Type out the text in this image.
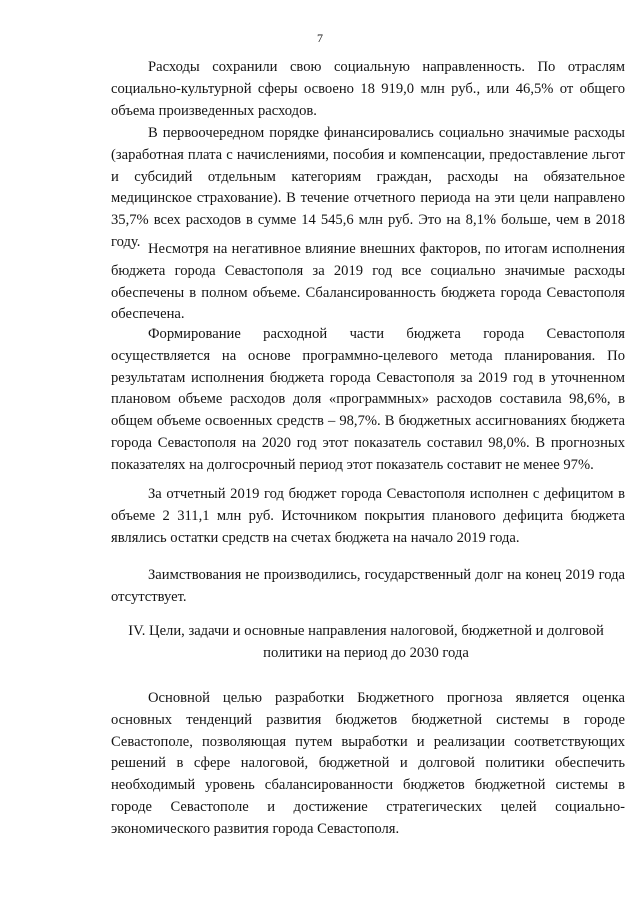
7

Расходы сохранили свою социальную направленность. По отраслям социально-культурной сферы освоено 18 919,0 млн руб., или 46,5% от общего объема произведенных расходов.

В первоочередном порядке финансировались социально значимые расходы (заработная плата с начислениями, пособия и компенсации, предоставление льгот и субсидий отдельным категориям граждан, расходы на обязательное медицинское страхование). В течение отчетного периода на эти цели направлено 35,7% всех расходов в сумме 14 545,6 млн руб. Это на 8,1% больше, чем в 2018 году. Несмотря на негативное влияние внешних факторов, по итогам исполнения бюджета города Севастополя за 2019 год все социально значимые расходы обеспечены в полном объеме. Сбалансированность бюджета города Севастополя обеспечена.

Формирование расходной части бюджета города Севастополя осуществляется на основе программно-целевого метода планирования. По результатам исполнения бюджета города Севастополя за 2019 год в уточненном плановом объеме расходов доля «программных» расходов составила 98,6%, в общем объеме освоенных средств – 98,7%. В бюджетных ассигнованиях бюджета города Севастополя на 2020 год этот показатель составил 98,0%. В прогнозных показателях на долгосрочный период этот показатель составит не менее 97%.

За отчетный 2019 год бюджет города Севастополя исполнен с дефицитом в объеме 2 311,1 млн руб. Источником покрытия планового дефицита бюджета являлись остатки средств на счетах бюджета на начало 2019 года.

Заимствования не производились, государственный долг на конец 2019 года отсутствует.

IV. Цели, задачи и основные направления налоговой, бюджетной и долговой политики на период до 2030 года

Основной целью разработки Бюджетного прогноза является оценка основных тенденций развития бюджетов бюджетной системы в городе Севастополе, позволяющая путем выработки и реализации соответствующих решений в сфере налоговой, бюджетной и долговой политики обеспечить необходимый уровень сбалансированности бюджетов бюджетной системы в городе Севастополе и достижение стратегических целей социально-экономического развития города Севастополя.
